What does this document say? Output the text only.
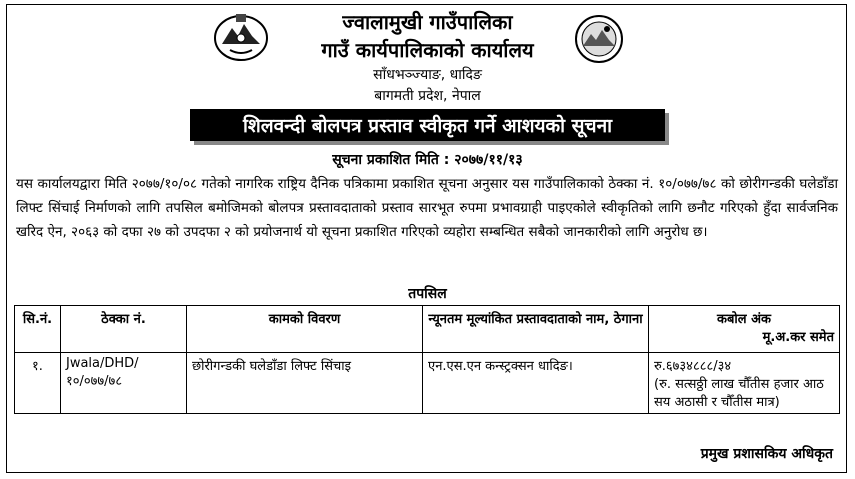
ज्वालामुखी गाउँपालिका
गाउँ कार्यपालिकाको कार्यालय
साँधभञ्ज्याङ, धादिङ
बागमती प्रदेश, नेपाल
शिलवन्दी बोलपत्र प्रस्ताव स्वीकृत गर्ने आशयको सूचना
सूचना प्रकाशित मिति : २०७७/११/१३

यस कार्यालयद्वारा मिति २०७७/१०/०८ गतेको नागरिक राष्ट्रिय दैनिक पत्रिकामा प्रकाशित सूचना अनुसार यस गाउँपालिकाको ठेक्का नं. १०/०७७/७८ को छोरीगन्डकी घलेडाँडा लिफ्ट सिंचाई निर्माणको लागि तपसिल बमोजिमको बोलपत्र प्रस्तावदाताको प्रस्ताव सारभूत रुपमा प्रभावग्राही पाइएकोले स्वीकृतिको लागि छनौट गरिएको हुँदा सार्वजनिक खरिद ऐन, २०६३ को दफा २७ को उपदफा २ को प्रयोजनार्थ यो सूचना प्रकाशित गरिएको व्यहोरा सम्बन्धित सबैको जानकारीको लागि अनुरोध छ।

तपसिल
सि.नं.	ठेक्का नं.	कामको विवरण	न्यूनतम मूल्यांकित प्रस्तावदाताको नाम, ठेगाना	कबोल अंक
मू.अ.कर समेत

१.	Jwala/DHD/ १०/०७७/७८	छोरीगन्डकी घलेडाँडा लिफ्ट सिंचाइ	एन.एस.एन कन्स्ट्रक्सन धादिङ।	रु.६७३४८८८/३४
(रु. सत्सठ्ठी लाख चौँतीस हजार आठ सय अठासी र चौँतीस मात्र)
प्रमुख प्रशासकिय अधिकृत
